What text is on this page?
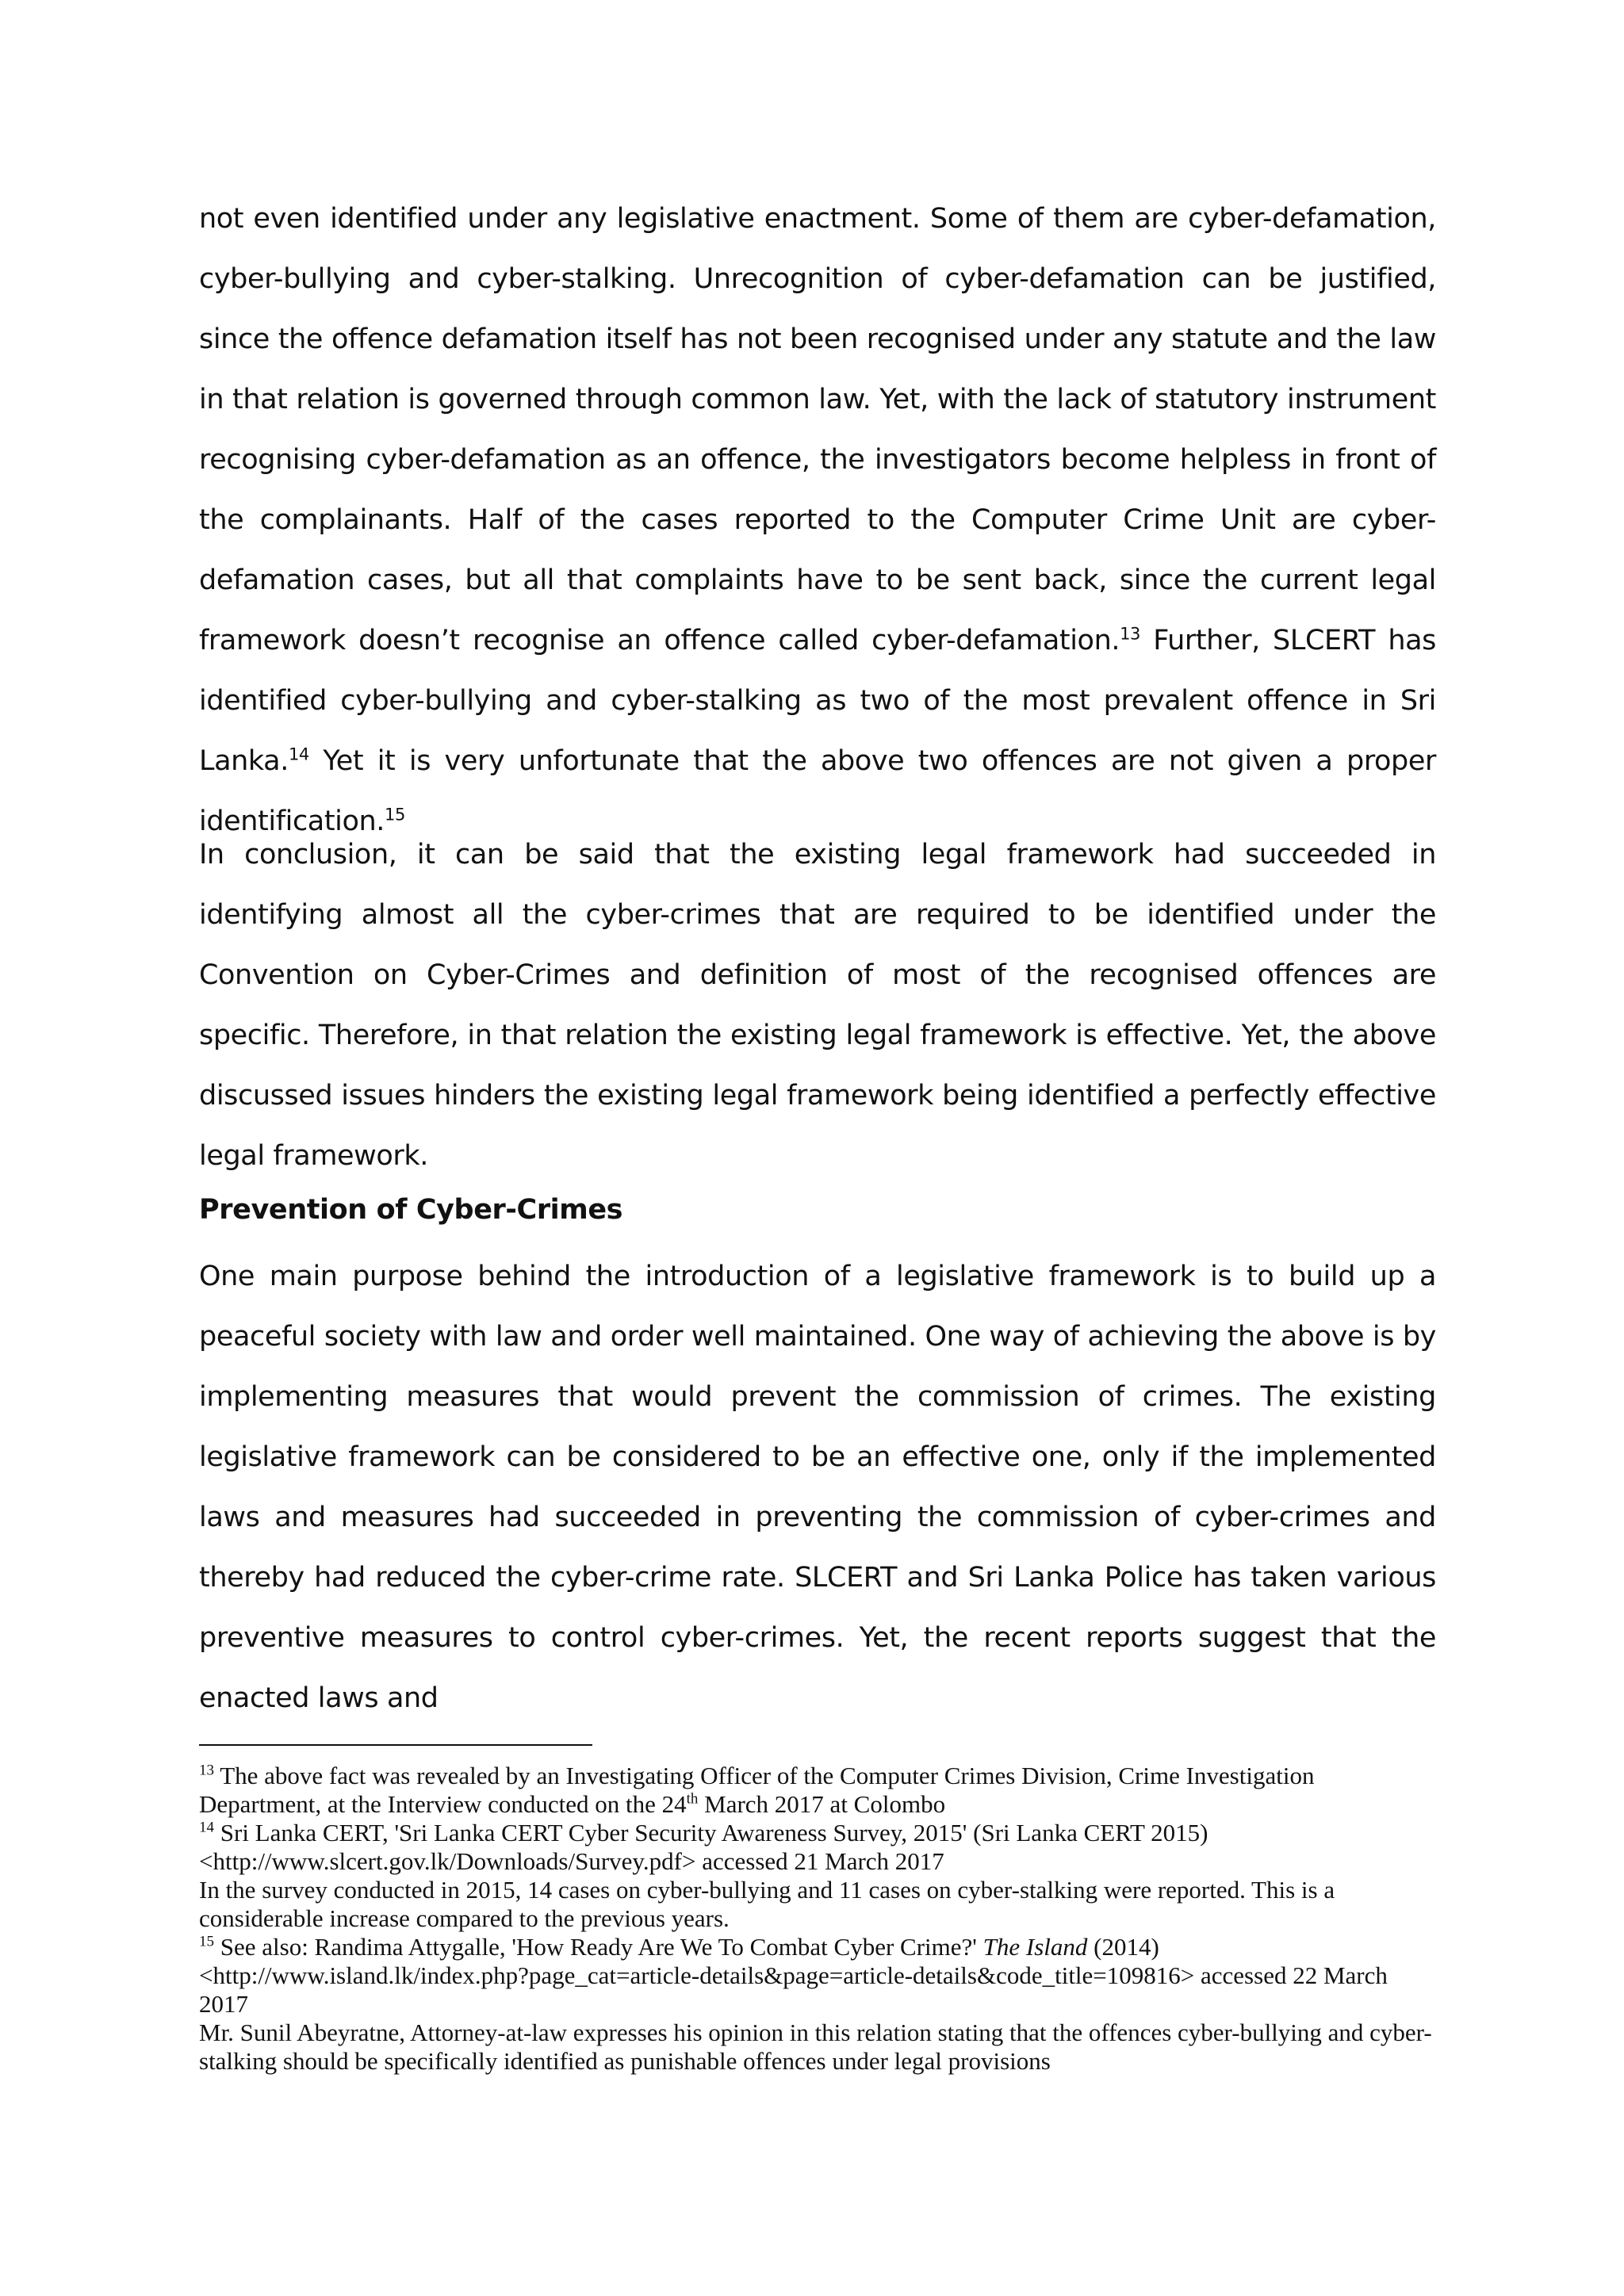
not even identified under any legislative enactment. Some of them are cyber-defamation, cyber-bullying and cyber-stalking. Unrecognition of cyber-defamation can be justified, since the offence defamation itself has not been recognised under any statute and the law in that relation is governed through common law. Yet, with the lack of statutory instrument recognising cyber-defamation as an offence, the investigators become helpless in front of the complainants. Half of the cases reported to the Computer Crime Unit are cyber-defamation cases, but all that complaints have to be sent back, since the current legal framework doesn’t recognise an offence called cyber-defamation.$^{13}$ Further, SLCERT has identified cyber-bullying and cyber-stalking as two of the most prevalent offence in Sri Lanka.$^{14}$ Yet it is very unfortunate that the above two offences are not given a proper identification.$^{15}$

In conclusion, it can be said that the existing legal framework had succeeded in identifying almost all the cyber-crimes that are required to be identified under the Convention on Cyber-Crimes and definition of most of the recognised offences are specific. Therefore, in that relation the existing legal framework is effective. Yet, the above discussed issues hinders the existing legal framework being identified a perfectly effective legal framework.

Prevention of Cyber-Crimes

One main purpose behind the introduction of a legislative framework is to build up a peaceful society with law and order well maintained. One way of achieving the above is by implementing measures that would prevent the commission of crimes. The existing legislative framework can be considered to be an effective one, only if the implemented laws and measures had succeeded in preventing the commission of cyber-crimes and thereby had reduced the cyber-crime rate. SLCERT and Sri Lanka Police has taken various preventive measures to control cyber-crimes. Yet, the recent reports suggest that the enacted laws and

$^{13}$ The above fact was revealed by an Investigating Officer of the Computer Crimes Division, Crime Investigation Department, at the Interview conducted on the 24th March 2017 at Colombo

$^{14}$ Sri Lanka CERT, 'Sri Lanka CERT Cyber Security Awareness Survey, 2015' (Sri Lanka CERT 2015) <http://www.slcert.gov.lk/Downloads/Survey.pdf> accessed 21 March 2017

In the survey conducted in 2015, 14 cases on cyber-bullying and 11 cases on cyber-stalking were reported. This is a considerable increase compared to the previous years.

$^{15}$ See also: Randima Attygalle, 'How Ready Are We To Combat Cyber Crime?' The Island (2014) <http://www.island.lk/index.php?page_cat=article-details&page=article-details&code_title=109816> accessed 22 March 2017

Mr. Sunil Abeyratne, Attorney-at-law expresses his opinion in this relation stating that the offences cyber-bullying and cyber-stalking should be specifically identified as punishable offences under legal provisions
